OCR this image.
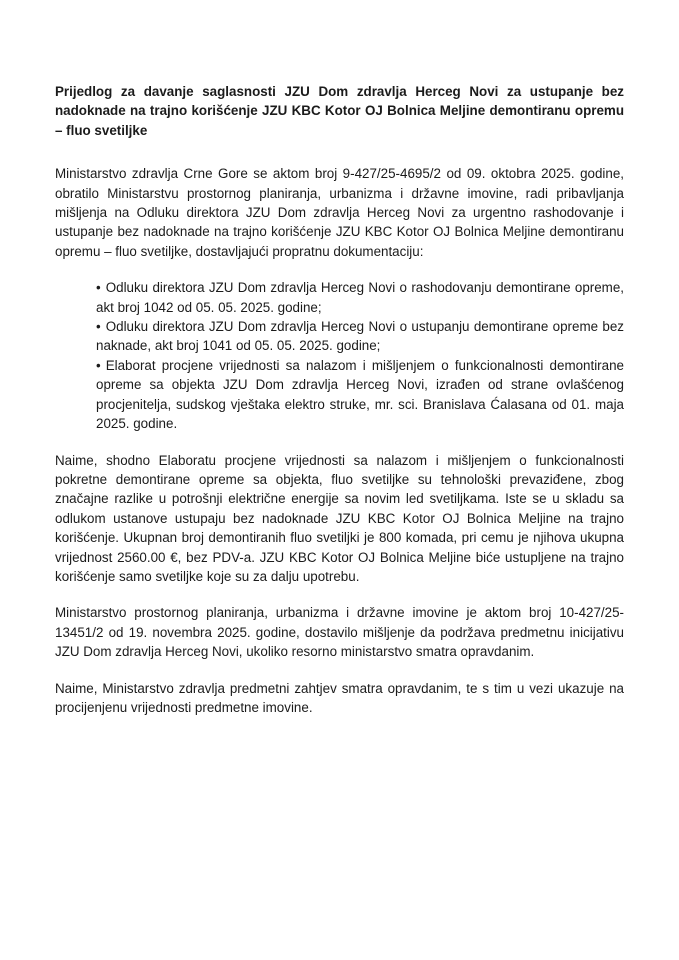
Prijedlog za davanje saglasnosti JZU Dom zdravlja Herceg Novi za ustupanje bez nadoknade na trajno korišćenje JZU KBC Kotor OJ Bolnica Meljine demontiranu opremu – fluo svetiljke

Ministarstvo zdravlja Crne Gore se aktom broj 9-427/25-4695/2 od 09. oktobra 2025. godine, obratilo Ministarstvu prostornog planiranja, urbanizma i državne imovine, radi pribavljanja mišljenja na Odluku direktora JZU Dom zdravlja Herceg Novi za urgentno rashodovanje i ustupanje bez nadoknade na trajno korišćenje JZU KBC Kotor OJ Bolnica Meljine demontiranu opremu – fluo svetiljke, dostavljajući propratnu dokumentaciju:

• Odluku direktora JZU Dom zdravlja Herceg Novi o rashodovanju demontirane opreme, akt broj 1042 od 05. 05. 2025. godine;
• Odluku direktora JZU Dom zdravlja Herceg Novi o ustupanju demontirane opreme bez naknade, akt broj 1041 od 05. 05. 2025. godine;
• Elaborat procjene vrijednosti sa nalazom i mišljenjem o funkcionalnosti demontirane opreme sa objekta JZU Dom zdravlja Herceg Novi, izrađen od strane ovlašćenog procjenitelja, sudskog vještaka elektro struke, mr. sci. Branislava Ćalasana od 01. maja 2025. godine.

Naime, shodno Elaboratu procjene vrijednosti sa nalazom i mišljenjem o funkcionalnosti pokretne demontirane opreme sa objekta, fluo svetiljke su tehnološki prevaziđene, zbog značajne razlike u potrošnji električne energije sa novim led svetiljkama. Iste se u skladu sa odlukom ustanove ustupaju bez nadoknade JZU KBC Kotor OJ Bolnica Meljine na trajno korišćenje. Ukupnan broj demontiranih fluo svetiljki je 800 komada, pri cemu je njihova ukupna vrijednost 2560.00 €, bez PDV-a. JZU KBC Kotor OJ Bolnica Meljine biće ustupljene na trajno korišćenje samo svetiljke koje su za dalju upotrebu.

Ministarstvo prostornog planiranja, urbanizma i državne imovine je aktom broj 10-427/25-13451/2 od 19. novembra 2025. godine, dostavilo mišljenje da podržava predmetnu inicijativu JZU Dom zdravlja Herceg Novi, ukoliko resorno ministarstvo smatra opravdanim.

Naime, Ministarstvo zdravlja predmetni zahtjev smatra opravdanim, te s tim u vezi ukazuje na procijenjenu vrijednosti predmetne imovine.
